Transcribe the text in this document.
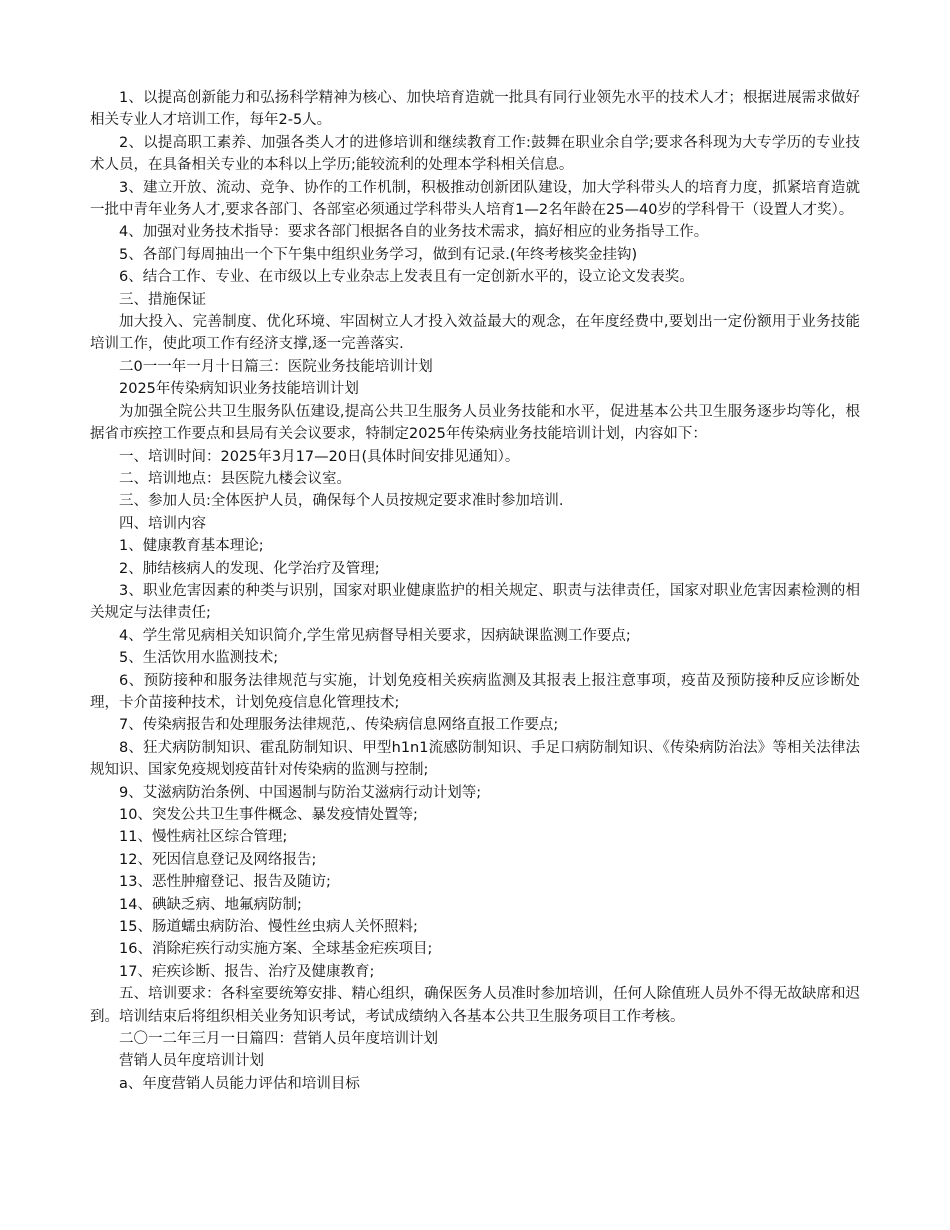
1、以提高创新能力和弘扬科学精神为核心、加快培育造就一批具有同行业领先水平的技术人才；根据进展需求做好相关专业人才培训工作，每年2-5人。

2、以提高职工素养、加强各类人才的进修培训和继续教育工作:鼓舞在职业余自学;要求各科现为大专学历的专业技术人员，在具备相关专业的本科以上学历;能较流利的处理本学科相关信息。

3、建立开放、流动、竞争、协作的工作机制，积极推动创新团队建设，加大学科带头人的培育力度，抓紧培育造就一批中青年业务人才,要求各部门、各部室必须通过学科带头人培育1—2名年龄在25—40岁的学科骨干（设置人才奖）。

4、加强对业务技术指导：要求各部门根据各自的业务技术需求，搞好相应的业务指导工作。

5、各部门每周抽出一个下午集中组织业务学习，做到有记录.(年终考核奖金挂钩)

6、结合工作、专业、在市级以上专业杂志上发表且有一定创新水平的，设立论文发表奖。

三、措施保证

加大投入、完善制度、优化环境、牢固树立人才投入效益最大的观念，在年度经费中,要划出一定份额用于业务技能培训工作，使此项工作有经济支撑,逐一完善落实.

二0一一年一月十日篇三：医院业务技能培训计划

2025年传染病知识业务技能培训计划

为加强全院公共卫生服务队伍建设,提高公共卫生服务人员业务技能和水平，促进基本公共卫生服务逐步均等化，根据省市疾控工作要点和县局有关会议要求，特制定2025年传染病业务技能培训计划，内容如下：

一、培训时间：2025年3月17—20日(具体时间安排见通知）。

二、培训地点：县医院九楼会议室。

三、参加人员:全体医护人员，确保每个人员按规定要求准时参加培训.

四、培训内容

1、健康教育基本理论;

2、肺结核病人的发现、化学治疗及管理;

3、职业危害因素的种类与识别，国家对职业健康监护的相关规定、职责与法律责任，国家对职业危害因素检测的相关规定与法律责任;

4、学生常见病相关知识简介,学生常见病督导相关要求，因病缺课监测工作要点;

5、生活饮用水监测技术;

6、预防接种和服务法律规范与实施，计划免疫相关疾病监测及其报表上报注意事项，疫苗及预防接种反应诊断处理，卡介苗接种技术，计划免疫信息化管理技术;

7、传染病报告和处理服务法律规范,、传染病信息网络直报工作要点;

8、狂犬病防制知识、霍乱防制知识、甲型h1n1流感防制知识、手足口病防制知识、《传染病防治法》等相关法律法规知识、国家免疫规划疫苗针对传染病的监测与控制;

9、艾滋病防治条例、中国遏制与防治艾滋病行动计划等;

10、突发公共卫生事件概念、暴发疫情处置等;

11、慢性病社区综合管理;

12、死因信息登记及网络报告;

13、恶性肿瘤登记、报告及随访;

14、碘缺乏病、地氟病防制;

15、肠道蠕虫病防治、慢性丝虫病人关怀照料;

16、消除疟疾行动实施方案、全球基金疟疾项目;

17、疟疾诊断、报告、治疗及健康教育;

五、培训要求：各科室要统筹安排、精心组织，确保医务人员准时参加培训，任何人除值班人员外不得无故缺席和迟到。培训结束后将组织相关业务知识考试，考试成绩纳入各基本公共卫生服务项目工作考核。

二〇一二年三月一日篇四：营销人员年度培训计划

营销人员年度培训计划

a、年度营销人员能力评估和培训目标
